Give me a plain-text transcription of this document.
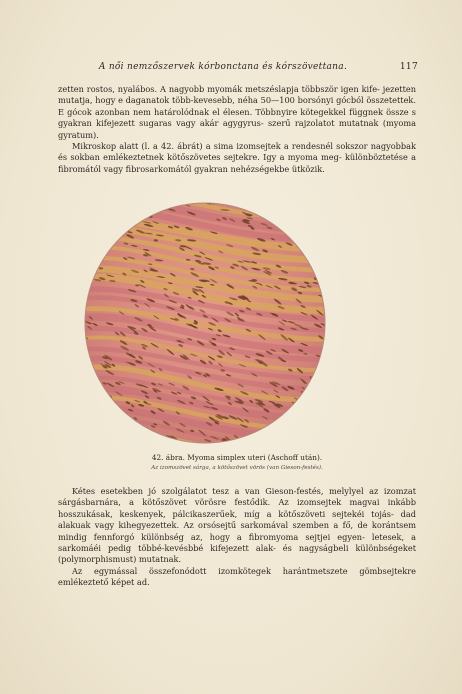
A női nemzőszervek kórbonctana és kórszövettana.	117

zetten rostos, nyalábos. A nagyobb myomák metszéslapja többször igen kife- jezetten mutatja, hogy e daganatok több-kevesebb, néha 50—100 borsónyi gócból összetettek. E gócok azonban nem határolódnak el élesen. Többnyire kötegekkel függnek össze s gyakran kifejezett sugaras vagy akár agygyrus- szerű rajzolatot mutatnak (myoma gyratum).

Mikroskop alatt (l. a 42. ábrát) a sima izomsejtek a rendesnél sokszor nagyobbak és sokban emlékeztetnek kötőszövetes sejtekre. Igy a myoma meg- különböztetése a fibromától vagy fibrosarkomától gyakran nehézségekbe ütközik.

42. ábra. Myoma simplex uteri (Aschoff után).
Az izomszövet sárga, a kötőszövet vörös (van Gieson-festés).

Kétes esetekben jó szolgálatot tesz a van Gieson-festés, melylyel az izomzat sárgásbarnára, a kötőszövet vörösre festődik. Az izomsejtek magvai inkább hosszukásak, keskenyek, pálcikaszerűek, míg a kötőszöveti sejtekéi tojás- dad alakuak vagy kihegyezettek. Az orsósejtű sarkomával szemben a fő, de korántsem mindig fennforgó különbség az, hogy a fibromyoma sejtjei egyen- letesek, a sarkomáéi pedig többé-kevésbbé kifejezett alak- és nagyságbeli különbségeket (polymorphismust) mutatnak.

Az egymással összefonódott izomkötegek harántmetszete gömbsejtekre emlékeztető képet ad.
